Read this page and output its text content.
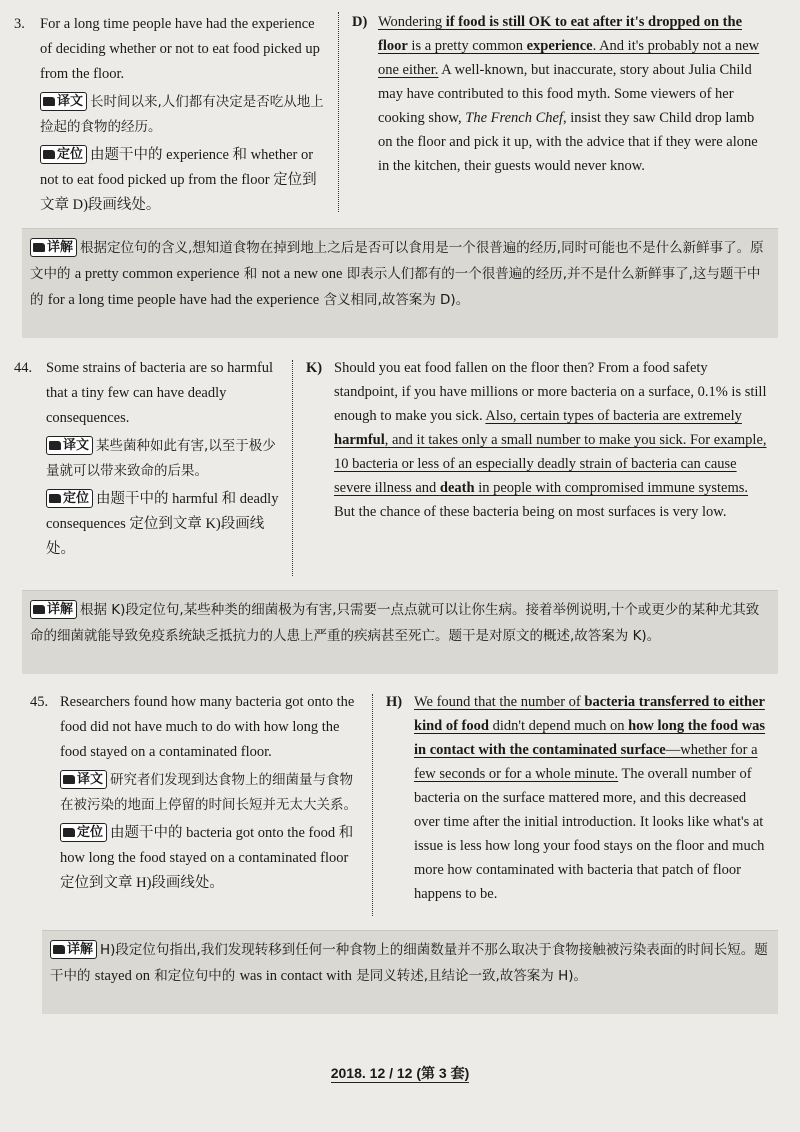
3. For a long time people have had the experience of deciding whether or not to eat food picked up from the floor.
译文 长时间以来,人们都有决定是否吃从地上捡起的食物的经历。
定位 由题干中的 experience 和 whether or not to eat food picked up from the floor 定位到文章 D)段画线处。
D) Wondering if food is still OK to eat after it's dropped on the floor is a pretty common experience. And it's probably not a new one either. A well-known, but inaccurate, story about Julia Child may have contributed to this food myth. Some viewers of her cooking show, The French Chef, insist they saw Child drop lamb on the floor and pick it up, with the advice that if they were alone in the kitchen, their guests would never know.
详解 根据定位句的含义,想知道食物在掉到地上之后是否可以食用是一个很普遍的经历,同时可能也不是什么新鲜事了。原文中的 a pretty common experience 和 not a new one 即表示人们都有的一个很普遍的经历,并不是什么新鲜事了,这与题干中的 for a long time people have had the experience 含义相同,故答案为 D)。
44. Some strains of bacteria are so harmful that a tiny few can have deadly consequences.
译文 某些菌种如此有害,以至于极少量就可以带来致命的后果。
定位 由题干中的 harmful 和 deadly consequences 定位到文章 K)段画线处。
K) Should you eat food fallen on the floor then? From a food safety standpoint, if you have millions or more bacteria on a surface, 0.1% is still enough to make you sick. Also, certain types of bacteria are extremely harmful, and it takes only a small number to make you sick. For example, 10 bacteria or less of an especially deadly strain of bacteria can cause severe illness and death in people with compromised immune systems. But the chance of these bacteria being on most surfaces is very low.
详解 根据 K)段定位句,某些种类的细菌极为有害,只需要一点点就可以让你生病。接着举例说明,十个或更少的某种尤其致命的细菌就能导致免疫系统缺乏抵抗力的人患上严重的疾病甚至死亡。题干是对原文的概述,故答案为 K)。
45. Researchers found how many bacteria got onto the food did not have much to do with how long the food stayed on a contaminated floor.
译文 研究者们发现到达食物上的细菌量与食物在被污染的地面上停留的时间长短并无太大关系。
定位 由题干中的 bacteria got onto the food 和 how long the food stayed on a contaminated floor 定位到文章 H)段画线处。
H) We found that the number of bacteria transferred to either kind of food didn't depend much on how long the food was in contact with the contaminated surface—whether for a few seconds or for a whole minute. The overall number of bacteria on the surface mattered more, and this decreased over time after the initial introduction. It looks like what's at issue is less how long your food stays on the floor and much more how contaminated with bacteria that patch of floor happens to be.
详解 H)段定位句指出,我们发现转移到任何一种食物上的细菌数量并不那么取决于食物接触被污染表面的时间长短。题干中的 stayed on 和定位句中的 was in contact with 是同义转述,且结论一致,故答案为 H)。
2018. 12 / 12 (第 3 套)
